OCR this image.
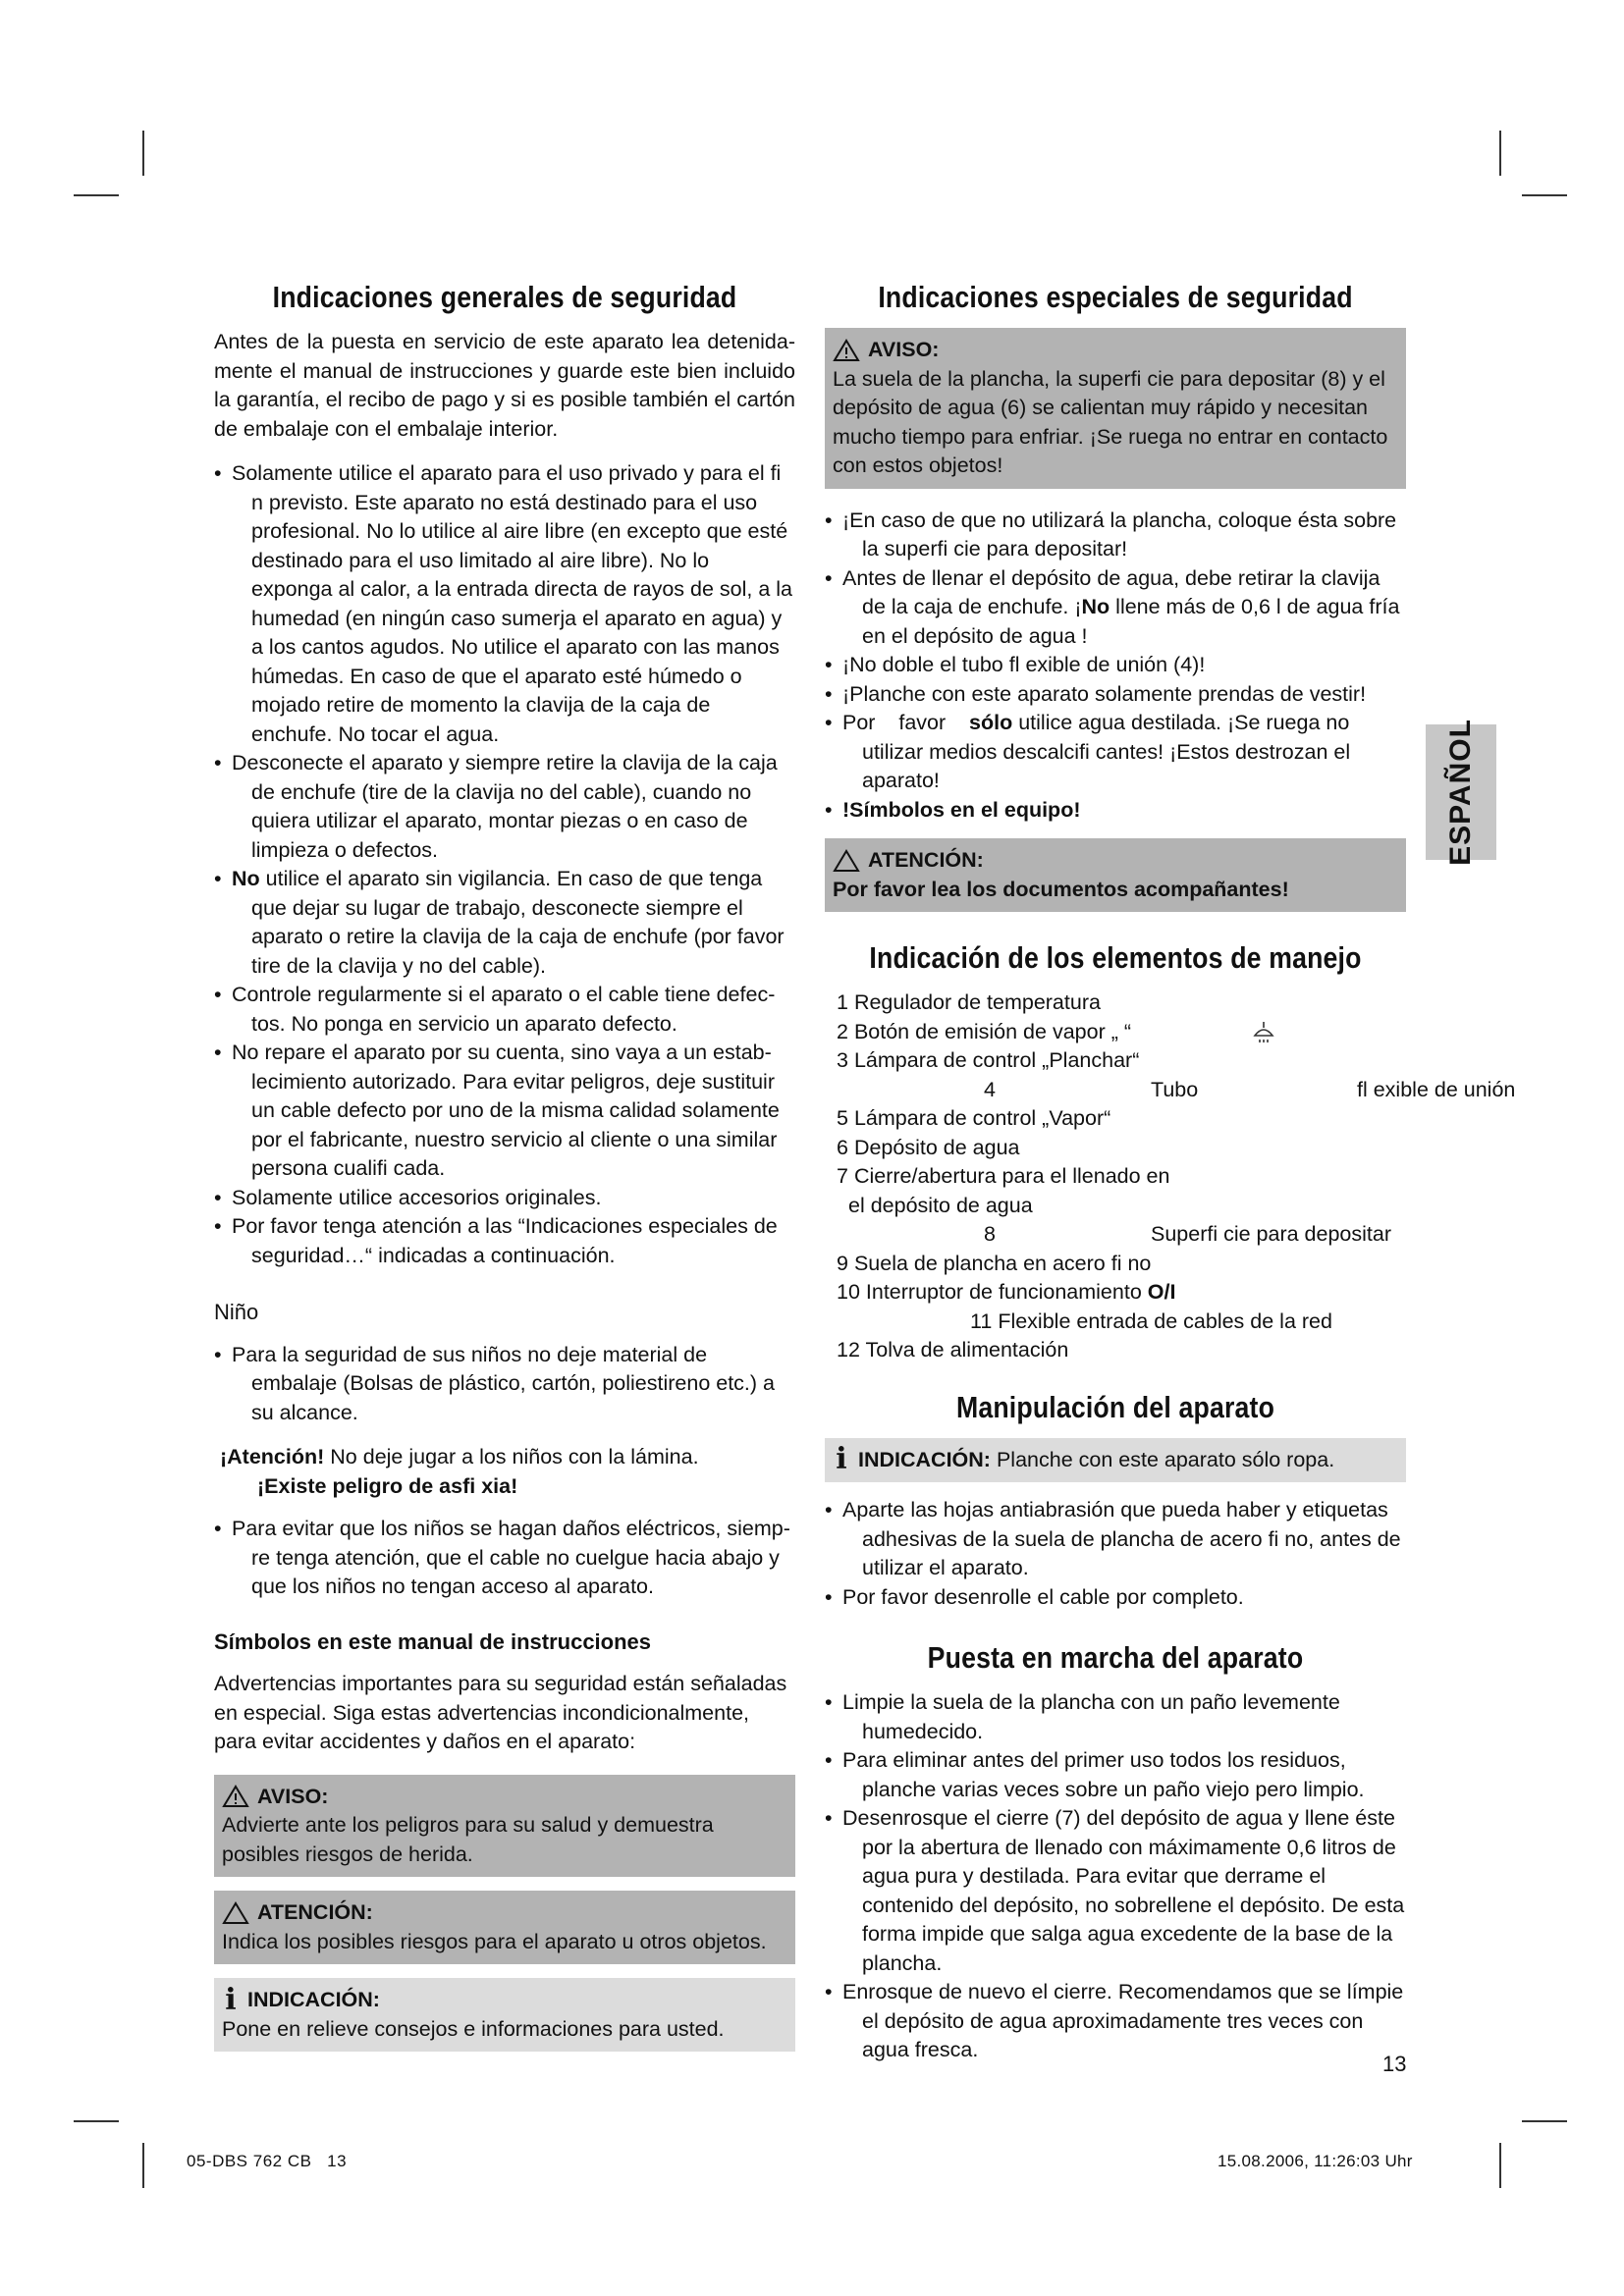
Indicaciones generales de seguridad

Antes de la puesta en servicio de este aparato lea detenida-mente el manual de instrucciones y guarde este bien incluido la garantía, el recibo de pago y si es posible también el cartón de embalaje con el embalaje interior.

• Solamente utilice el aparato para el uso privado y para el fi n previsto. Este aparato no está destinado para el uso profesional. No lo utilice al aire libre (en excepto que esté destinado para el uso limitado al aire libre). No lo exponga al calor, a la entrada directa de rayos de sol, a la humedad (en ningún caso sumerja el aparato en agua) y a los cantos agudos. No utilice el aparato con las manos húmedas. En caso de que el aparato esté húmedo o mojado retire de momento la clavija de la caja de enchufe. No tocar el agua.
• Desconecte el aparato y siempre retire la clavija de la caja de enchufe (tire de la clavija no del cable), cuando no quiera utilizar el aparato, montar piezas o en caso de limpieza o defectos.
• No utilice el aparato sin vigilancia. En caso de que tenga que dejar su lugar de trabajo, desconecte siempre el aparato o retire la clavija de la caja de enchufe (por favor tire de la clavija y no del cable).
• Controle regularmente si el aparato o el cable tiene defec-tos. No ponga en servicio un aparato defecto.
• No repare el aparato por su cuenta, sino vaya a un estab-lecimiento autorizado. Para evitar peligros, deje sustituir un cable defecto por uno de la misma calidad solamente por el fabricante, nuestro servicio al cliente o una similar persona cualifi cada.
• Solamente utilice accesorios originales.
• Por favor tenga atención a las “Indicaciones especiales de seguridad…“ indicadas a continuación.

Niño

• Para la seguridad de sus niños no deje material de embalaje (Bolsas de plástico, cartón, poliestireno etc.) a su alcance.
¡Atención! No deje jugar a los niños con la lámina.
¡Existe peligro de asfi xia!
• Para evitar que los niños se hagan daños eléctricos, siemp-re tenga atención, que el cable no cuelgue hacia abajo y que los niños no tengan acceso al aparato.
Símbolos en este manual de instrucciones

Advertencias importantes para su seguridad están señaladas en especial. Siga estas advertencias incondicionalmente, para evitar accidentes y daños en el aparato:

AVISO:
Advierte ante los peligros para su salud y demuestra posibles riesgos de herida.
ATENCIÓN:
Indica los posibles riesgos para el aparato u otros objetos.
i INDICACIÓN:
Pone en relieve consejos e informaciones para usted.
Indicaciones especiales de seguridad
AVISO:
La suela de la plancha, la superfi cie para depositar (8) y el depósito de agua (6) se calientan muy rápido y necesitan mucho tiempo para enfriar. ¡Se ruega no entrar en contacto con estos objetos!
• ¡En caso de que no utilizará la plancha, coloque ésta sobre la superfi cie para depositar!
• Antes de llenar el depósito de agua, debe retirar la clavija de la caja de enchufe. ¡No llene más de 0,6 l de agua fría en el depósito de agua !
• ¡No doble el tubo fl exible de unión (4)!
• ¡Planche con este aparato solamente prendas de vestir!
• Por    favor    sólo utilice agua destilada. ¡Se ruega no utilizar medios descalcifi cantes! ¡Estos destrozan el aparato!
• !Símbolos en el equipo!
ATENCIÓN:
Por favor lea los documentos acompañantes!
Indicación de los elementos de manejo
1 Regulador de temperatura
2 Botón de emisión de vapor „ “
3 Lámpara de control „Planchar“
4	Tubo	fl exible de unión
5 Lámpara de control „Vapor“
6 Depósito de agua
7 Cierre/abertura para el llenado en
el depósito de agua
8	Superfi cie para depositar
9 Suela de plancha en acero fi no
10 Interruptor de funcionamiento O/I
11 Flexible entrada de cables de la red
12 Tolva de alimentación
Manipulación del aparato
i INDICACIÓN: Planche con este aparato sólo ropa.
• Aparte las hojas antiabrasión que pueda haber y etiquetas adhesivas de la suela de plancha de acero fi no, antes de utilizar el aparato.
• Por favor desenrolle el cable por completo.
Puesta en marcha del aparato
• Limpie la suela de la plancha con un paño levemente humedecido.
• Para eliminar antes del primer uso todos los residuos, planche varias veces sobre un paño viejo pero limpio.
• Desenrosque el cierre (7) del depósito de agua y llene éste por la abertura de llenado con máximamente 0,6 litros de agua pura y destilada. Para evitar que derrame el contenido del depósito, no sobrellene el depósito. De esta forma impide que salga agua excedente de la base de la plancha.
• Enrosque de nuevo el cierre. Recomendamos que se límpie el depósito de agua aproximadamente tres veces con agua fresca.
ESPAÑOL
13
05-DBS 762 CB   13	15.08.2006, 11:26:03 Uhr
